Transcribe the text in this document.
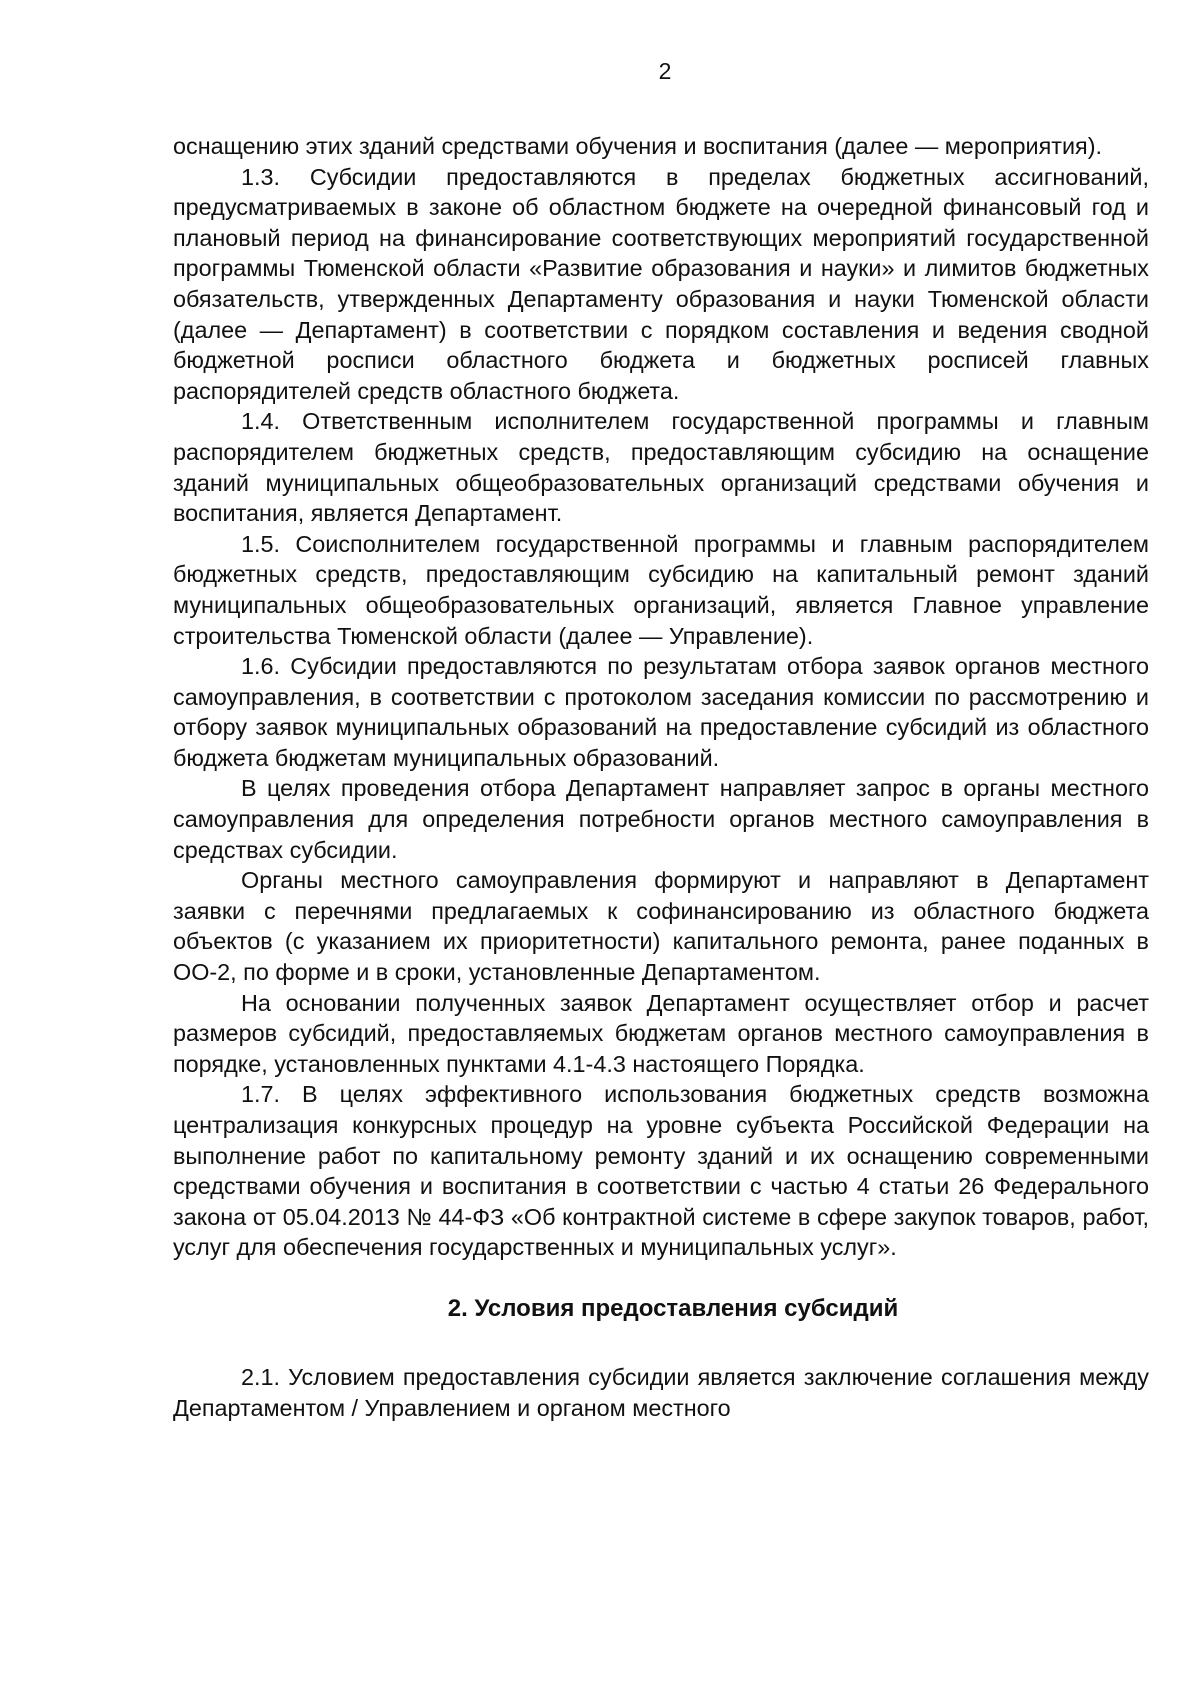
2

оснащению этих зданий средствами обучения и воспитания (далее — мероприятия).

1.3. Субсидии предоставляются в пределах бюджетных ассигнований, предусматриваемых в законе об областном бюджете на очередной финансовый год и плановый период на финансирование соответствующих мероприятий государственной программы Тюменской области «Развитие образования и науки» и лимитов бюджетных обязательств, утвержденных Департаменту образования и науки Тюменской области (далее — Департамент) в соответствии с порядком составления и ведения сводной бюджетной росписи областного бюджета и бюджетных росписей главных распорядителей средств областного бюджета.

1.4. Ответственным исполнителем государственной программы и главным распорядителем бюджетных средств, предоставляющим субсидию на оснащение зданий муниципальных общеобразовательных организаций средствами обучения и воспитания, является Департамент.

1.5. Соисполнителем государственной программы и главным распорядителем бюджетных средств, предоставляющим субсидию на капитальный ремонт зданий муниципальных общеобразовательных организаций, является Главное управление строительства Тюменской области (далее — Управление).

1.6. Субсидии предоставляются по результатам отбора заявок органов местного самоуправления, в соответствии с протоколом заседания комиссии по рассмотрению и отбору заявок муниципальных образований на предоставление субсидий из областного бюджета бюджетам муниципальных образований.

В целях проведения отбора Департамент направляет запрос в органы местного самоуправления для определения потребности органов местного самоуправления в средствах субсидии.

Органы местного самоуправления формируют и направляют в Департамент заявки с перечнями предлагаемых к софинансированию из областного бюджета объектов (с указанием их приоритетности) капитального ремонта, ранее поданных в ОО-2, по форме и в сроки, установленные Департаментом.

На основании полученных заявок Департамент осуществляет отбор и расчет размеров субсидий, предоставляемых бюджетам органов местного самоуправления в порядке, установленных пунктами 4.1-4.3 настоящего Порядка.

1.7. В целях эффективного использования бюджетных средств возможна централизация конкурсных процедур на уровне субъекта Российской Федерации на выполнение работ по капитальному ремонту зданий и их оснащению современными средствами обучения и воспитания в соответствии с частью 4 статьи 26 Федерального закона от 05.04.2013 № 44-ФЗ «Об контрактной системе в сфере закупок товаров, работ, услуг для обеспечения государственных и муниципальных услуг».

2. Условия предоставления субсидий

2.1. Условием предоставления субсидии является заключение соглашения между Департаментом / Управлением и органом местного
